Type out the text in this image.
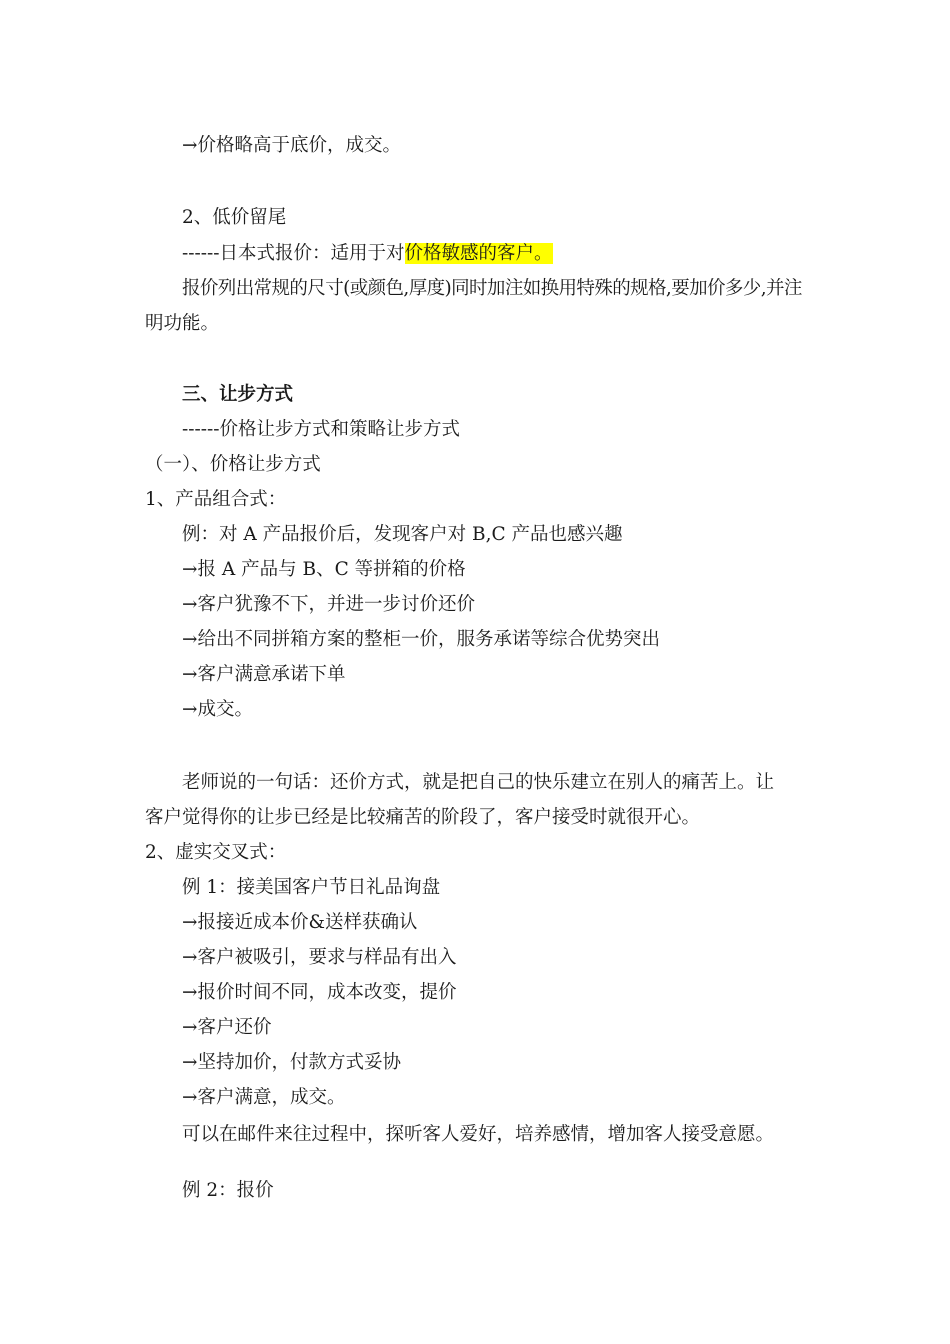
→价格略高于底价，成交。
2、低价留尾
------日本式报价：适用于对价格敏感的客户。
报价列出常规的尺寸(或颜色,厚度)同时加注如换用特殊的规格,要加价多少,并注
明功能。
三、让步方式
------价格让步方式和策略让步方式
（一）、价格让步方式
1、产品组合式：
例：对 A 产品报价后，发现客户对 B,C 产品也感兴趣
→报 A 产品与 B、C 等拼箱的价格
→客户犹豫不下，并进一步讨价还价
→给出不同拼箱方案的整柜一价，服务承诺等综合优势突出
→客户满意承诺下单
→成交。
老师说的一句话：还价方式，就是把自己的快乐建立在别人的痛苦上。让
客户觉得你的让步已经是比较痛苦的阶段了，客户接受时就很开心。
2、虚实交叉式：
例 1：接美国客户节日礼品询盘
→报接近成本价&送样获确认
→客户被吸引，要求与样品有出入
→报价时间不同，成本改变，提价
→客户还价
→坚持加价，付款方式妥协
→客户满意，成交。
可以在邮件来往过程中，探听客人爱好，培养感情，增加客人接受意愿。
例 2：报价
